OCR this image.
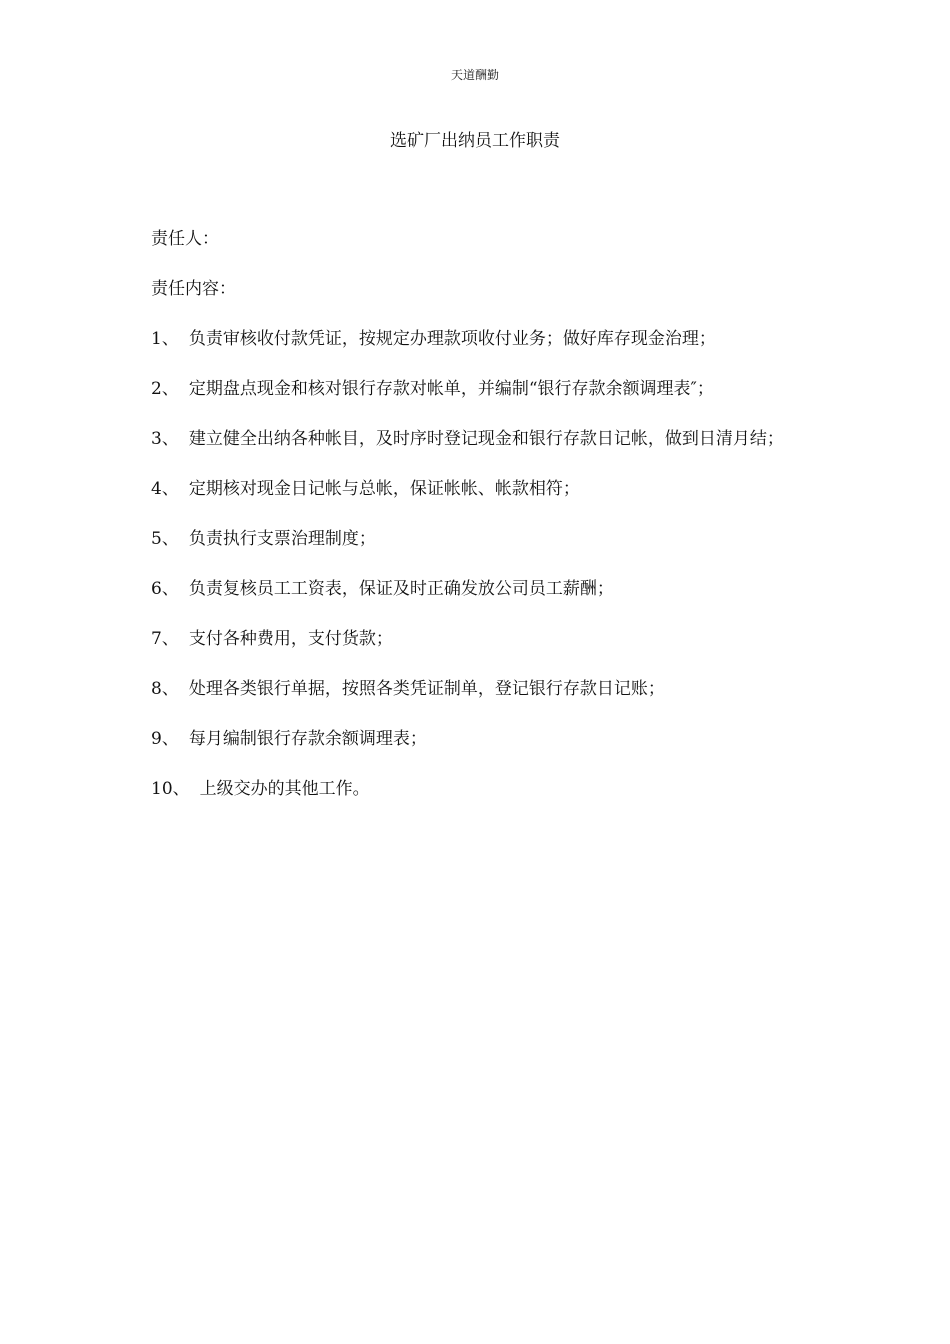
天道酬勤
选矿厂出纳员工作职责

责任人：

责任内容：

1、 负责审核收付款凭证，按规定办理款项收付业务；做好库存现金治理；
2、 定期盘点现金和核对银行存款对帐单，并编制“银行存款余额调理表″；
3、 建立健全出纳各种帐目，及时序时登记现金和银行存款日记帐，做到日清月结；
4、 定期核对现金日记帐与总帐，保证帐帐、帐款相符；
5、 负责执行支票治理制度；
6、 负责复核员工工资表，保证及时正确发放公司员工薪酬；
7、 支付各种费用，支付货款；
8、 处理各类银行单据，按照各类凭证制单，登记银行存款日记账；
9、 每月编制银行存款余额调理表；
10、 上级交办的其他工作。
